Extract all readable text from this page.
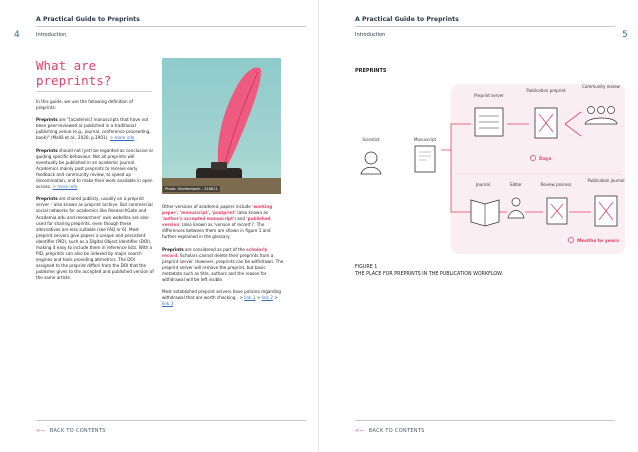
4
A Practical Guide to Preprints
Introduction
What are preprints?

In this guide, we use the following definition of preprints:

Preprints are "[academic] manuscripts that have not been peer-reviewed or published in a traditional publishing venue (e.g., journal, conference proceeding, book)" (Mallā et al., 2020, p.1901). > more info

Preprints should not (yet) be regarded as conclusive or guiding specific behaviour. Not all preprints will eventually be published in an academic journal. Academics mainly post preprints to receive early feedback and community review, to speed up dissemination, and to make their work available in open access. > more info

Preprints are shared publicly, usually on a preprint server – also known as preprint archive. But commercial social networks for academics like ResearchGate and Academia.edu and researchers' own websites are also used for sharing preprints, even though these alternatives are less suitable (see FAQ nr 6). Most preprint servers give papers a unique and persistent identifier (PID), such as a Digital Object Identifier (DOI), making it easy to include them in reference lists. With a PID, preprints can also be indexed by major search engines and tools providing altmetrics. The DOI assigned to the preprint differs from the DOI that the publisher gives to the accepted and published version of the same article.

Photo: Shutterstock - 318811

Other versions of academic papers include 'working paper', 'manuscript', 'postprint' (also known as 'author's accepted manuscript') and 'published version' (also known as 'version of record')'. The differences between them are shown in figure 1 and further explained in the glossary.

Preprints are considered as part of the scholarly record. Scholars cannot delete their preprints from a preprint server. However, preprints can be withdrawn. The preprint server will remove the preprint, but basic metadata such as title, authors and the reason for withdrawal will be left visible.

Most established preprint servers have policies regarding withdrawal that are worth checking . > link 1 > link 2 > link 3

<— BACK TO CONTENTS
A Practical Guide to Preprints
Introduction	5
PREPRINTS
Scientist	Manuscript
Preprint server
Publication preprint
Community review
Days
Journal	Editor	Review process
Publication journal
Months to years
FIGURE 1
THE PLACE FOR PREPRINTS IN THE PUBLICATION WORKFLOW.
<— BACK TO CONTENTS
